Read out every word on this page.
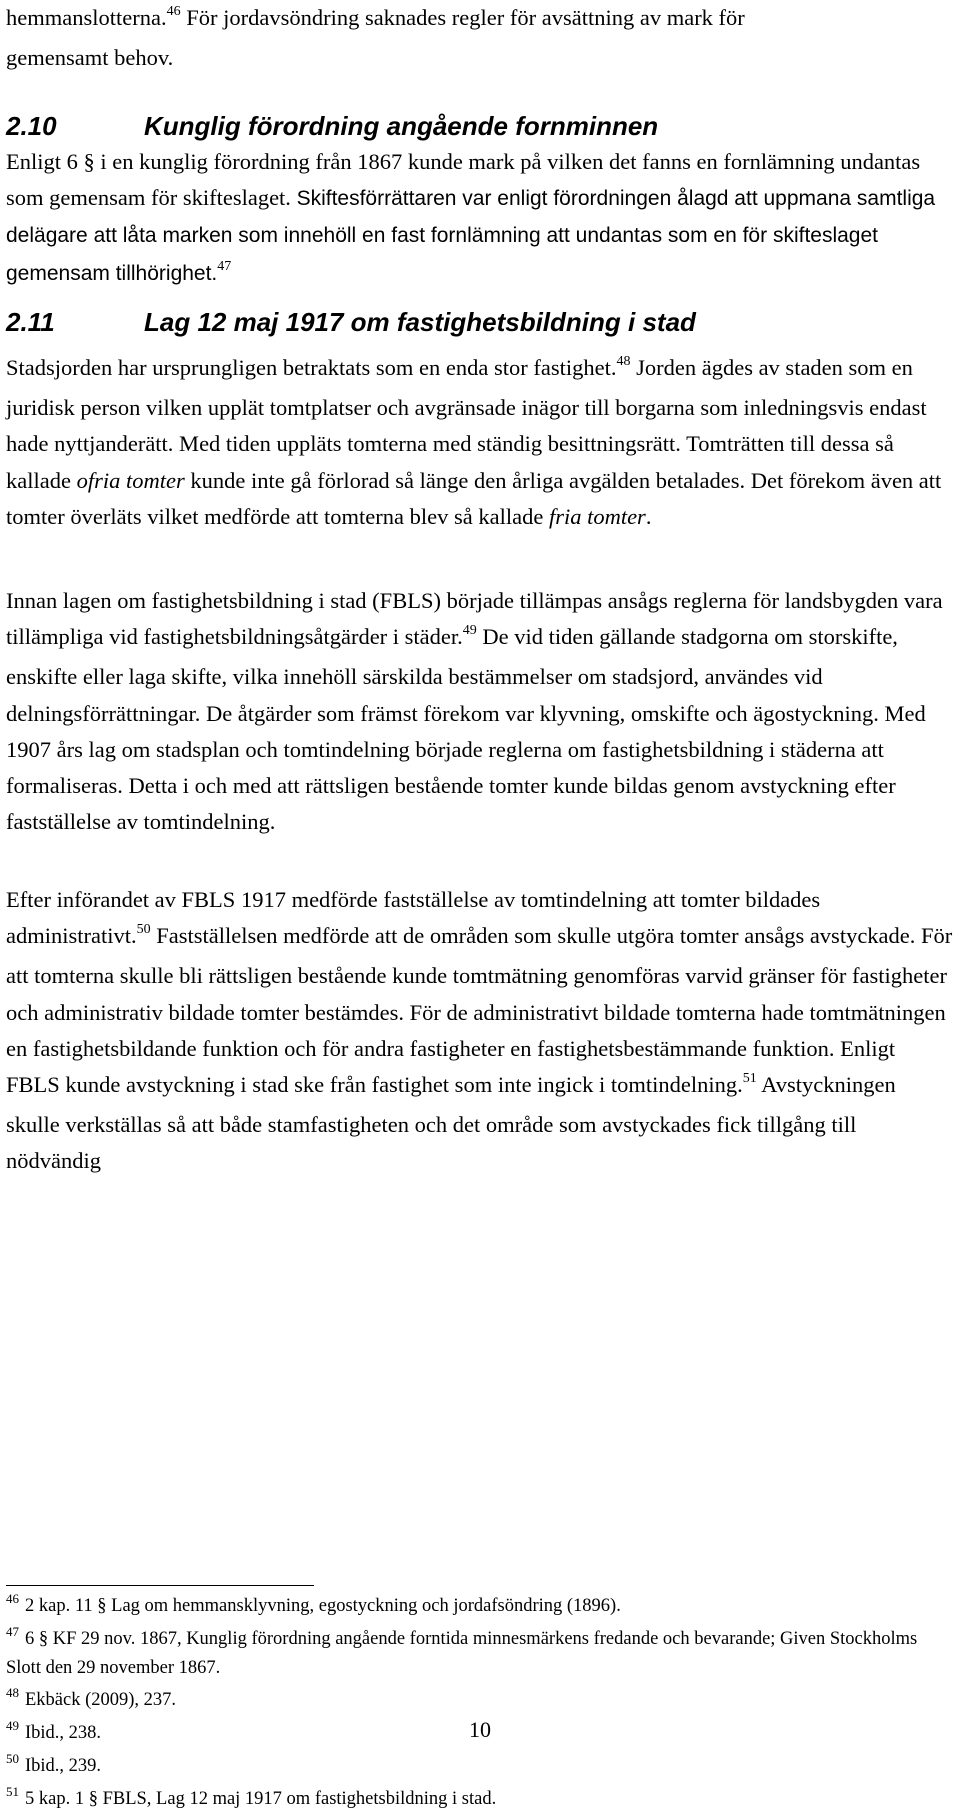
hemmanslotterna.$^{46}$ För jordavsöndring saknades regler för avsättning av mark för
gemensamt behov.
2.10	Kunglig förordning angående fornminnen

Enligt 6 § i en kunglig förordning från 1867 kunde mark på vilken det fanns en fornlämning undantas som gemensam för skifteslaget. Skiftesförrättaren var enligt förordningen ålagd att uppmana samtliga delägare att låta marken som innehöll en fast fornlämning att undantas som en för skifteslaget gemensam tillhörighet.$^{47}$

2.11	Lag 12 maj 1917 om fastighetsbildning i stad

Stadsjorden har ursprungligen betraktats som en enda stor fastighet.$^{48}$ Jorden ägdes av staden som en juridisk person vilken upplät tomtplatser och avgränsade inägor till borgarna som inledningsvis endast hade nyttjanderätt. Med tiden uppläts tomterna med ständig besittningsrätt. Tomträtten till dessa så kallade ofria tomter kunde inte gå förlorad så länge den årliga avgälden betalades. Det förekom även att tomter överläts vilket medförde att tomterna blev så kallade fria tomter.

Innan lagen om fastighetsbildning i stad (FBLS) började tillämpas ansågs reglerna för landsbygden vara tillämpliga vid fastighetsbildningsåtgärder i städer.$^{49}$ De vid tiden gällande stadgorna om storskifte, enskifte eller laga skifte, vilka innehöll särskilda bestämmelser om stadsjord, användes vid delningsförrättningar. De åtgärder som främst förekom var klyvning, omskifte och ägostyckning. Med 1907 års lag om stadsplan och tomtindelning började reglerna om fastighetsbildning i städerna att formaliseras. Detta i och med att rättsligen bestående tomter kunde bildas genom avstyckning efter fastställelse av tomtindelning.

Efter införandet av FBLS 1917 medförde fastställelse av tomtindelning att tomter bildades administrativt.$^{50}$ Fastställelsen medförde att de områden som skulle utgöra tomter ansågs avstyckade. För att tomterna skulle bli rättsligen bestående kunde tomtmätning genomföras varvid gränser för fastigheter och administrativ bildade tomter bestämdes. För de administrativt bildade tomterna hade tomtmätningen en fastighetsbildande funktion och för andra fastigheter en fastighetsbestämmande funktion. Enligt FBLS kunde avstyckning i stad ske från fastighet som inte ingick i tomtindelning.$^{51}$ Avstyckningen skulle verkställas så att både stamfastigheten och det område som avstyckades fick tillgång till nödvändig

$^{46}$ 2 kap. 11 § Lag om hemmansklyvning, egostyckning och jordafsöndring (1896).
$^{47}$ 6 § KF 29 nov. 1867, Kunglig förordning angående forntida minnesmärkens fredande och bevarande; Given Stockholms Slott den 29 november 1867.
$^{48}$ Ekbäck (2009), 237.
$^{49}$ Ibid., 238.
$^{50}$ Ibid., 239.
$^{51}$ 5 kap. 1 § FBLS, Lag 12 maj 1917 om fastighetsbildning i stad.
10
